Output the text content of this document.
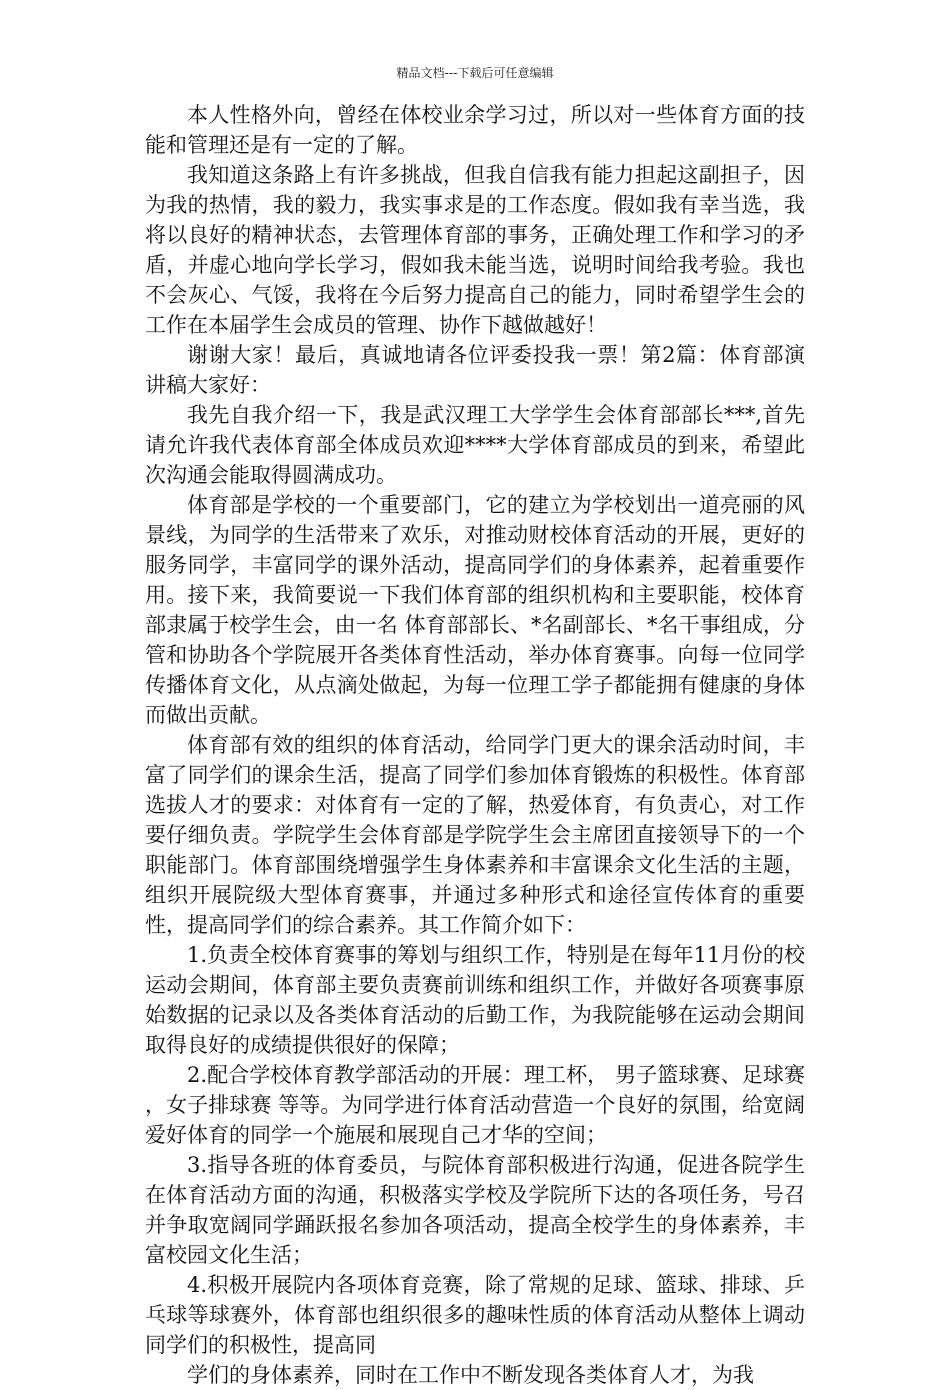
精品文档---下载后可任意编辑

本人性格外向，曾经在体校业余学习过，所以对一些体育方面的技能和管理还是有一定的了解。

我知道这条路上有许多挑战，但我自信我有能力担起这副担子，因为我的热情，我的毅力，我实事求是的工作态度。假如我有幸当选，我将以良好的精神状态，去管理体育部的事务，正确处理工作和学习的矛盾，并虚心地向学长学习，假如我未能当选，说明时间给我考验。我也不会灰心、气馁，我将在今后努力提高自己的能力，同时希望学生会的工作在本届学生会成员的管理、协作下越做越好！

谢谢大家！最后，真诚地请各位评委投我一票！第2篇：体育部演讲稿大家好：

我先自我介绍一下，我是武汉理工大学学生会体育部部长***,首先请允许我代表体育部全体成员欢迎****大学体育部成员的到来，希望此次沟通会能取得圆满成功。

体育部是学校的一个重要部门，它的建立为学校划出一道亮丽的风景线，为同学的生活带来了欢乐，对推动财校体育活动的开展，更好的服务同学，丰富同学的课外活动，提高同学们的身体素养，起着重要作用。接下来，我简要说一下我们体育部的组织机构和主要职能，校体育部隶属于校学生会，由一名 体育部部长、*名副部长、*名干事组成，分管和协助各个学院展开各类体育性活动，举办体育赛事。向每一位同学传播体育文化，从点滴处做起，为每一位理工学子都能拥有健康的身体而做出贡献。

体育部有效的组织的体育活动，给同学门更大的课余活动时间，丰富了同学们的课余生活，提高了同学们参加体育锻炼的积极性。体育部选拔人才的要求：对体育有一定的了解，热爱体育，有负责心，对工作要仔细负责。学院学生会体育部是学院学生会主席团直接领导下的一个职能部门。体育部围绕增强学生身体素养和丰富课余文化生活的主题，组织开展院级大型体育赛事，并通过多种形式和途径宣传体育的重要性，提高同学们的综合素养。其工作简介如下：

1.负责全校体育赛事的筹划与组织工作，特别是在每年11月份的校运动会期间，体育部主要负责赛前训练和组织工作，并做好各项赛事原始数据的记录以及各类体育活动的后勤工作，为我院能够在运动会期间取得良好的成绩提供很好的保障；

2.配合学校体育教学部活动的开展：理工杯， 男子篮球赛、足球赛 ，女子排球赛 等等。为同学进行体育活动营造一个良好的氛围，给宽阔爱好体育的同学一个施展和展现自己才华的空间；

3.指导各班的体育委员，与院体育部积极进行沟通，促进各院学生在体育活动方面的沟通，积极落实学校及学院所下达的各项任务，号召并争取宽阔同学踊跃报名参加各项活动，提高全校学生的身体素养，丰富校园文化生活；

4.积极开展院内各项体育竞赛，除了常规的足球、篮球、排球、乒乓球等球赛外，体育部也组织很多的趣味性质的体育活动从整体上调动同学们的积极性，提高同

学们的身体素养，同时在工作中不断发现各类体育人才，为我
